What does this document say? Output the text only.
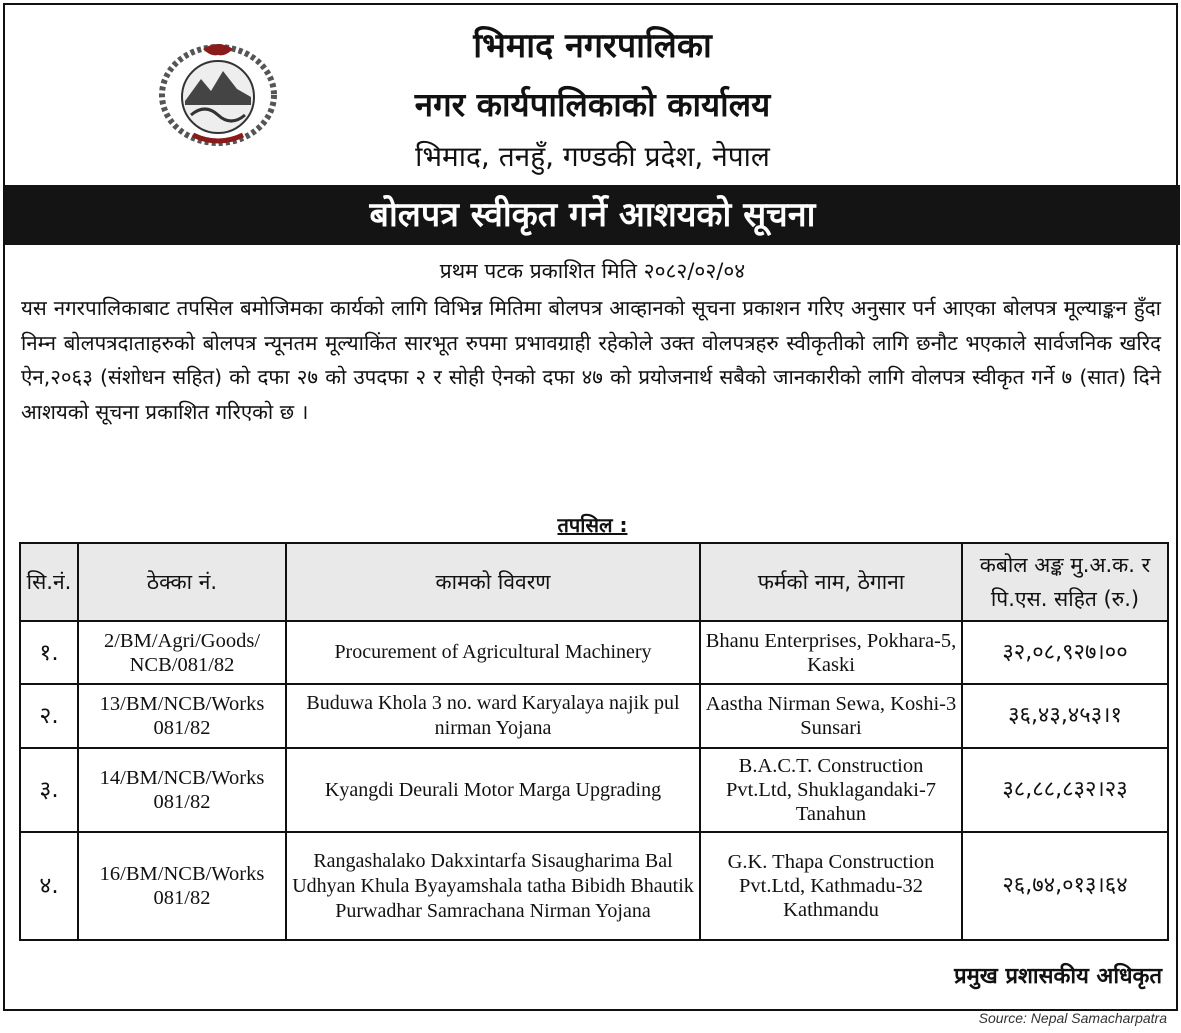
भिमाद नगरपालिका
नगर कार्यपालिकाको कार्यालय
भिमाद, तनहुँ, गण्डकी प्रदेश, नेपाल
बोलपत्र स्वीकृत गर्ने आशयको सूचना
प्रथम पटक प्रकाशित मिति २०८२/०२/०४
यस नगरपालिकाबाट तपसिल बमोजिमका कार्यको लागि विभिन्न मितिमा बोलपत्र आव्हानको सूचना प्रकाशन गरिए अनुसार पर्न आएका बोलपत्र मूल्याङ्कन हुँदा निम्न बोलपत्रदाताहरुको बोलपत्र न्यूनतम मूल्याकिंत सारभूत रुपमा प्रभावग्राही रहेकोले उक्त वोलपत्रहरु स्वीकृतीको लागि छनौट भएकाले सार्वजनिक खरिद ऐन,२०६३ (संशोधन सहित) को दफा २७ को उपदफा २ र सोही ऐनको दफा ४७ को प्रयोजनार्थ सबैको जानकारीको लागि वोलपत्र स्वीकृत गर्ने ७ (सात) दिने आशयको सूचना प्रकाशित गरिएको छ ।
तपसिल :
सि.नं.	ठेक्का नं.	कामको विवरण	फर्मको नाम, ठेगाना	कबोल अङ्क मु.अ.क. र पि.एस. सहित (रु.)
१.	2/BM/Agri/Goods/ NCB/081/82	Procurement of Agricultural Machinery	Bhanu Enterprises, Pokhara-5, Kaski	३२,०८,९२७।००
२.	13/BM/NCB/Works 081/82	Buduwa Khola 3 no. ward Karyalaya najik pul nirman Yojana	Aastha Nirman Sewa, Koshi-3 Sunsari	३६,४३,४५३।१
३.	14/BM/NCB/Works 081/82	Kyangdi Deurali Motor Marga Upgrading	B.A.C.T. Construction Pvt.Ltd, Shuklagandaki-7 Tanahun	३८,८८,८३२।२३
४.	16/BM/NCB/Works 081/82	Rangashalako Dakxintarfa Sisaugharima Bal Udhyan Khula Byayamshala tatha Bibidh Bhautik Purwadhar Samrachana Nirman Yojana	G.K. Thapa Construction Pvt.Ltd, Kathmadu-32 Kathmandu	२६,७४,०१३।६४
प्रमुख प्रशासकीय अधिकृत
Source: Nepal Samacharpatra
